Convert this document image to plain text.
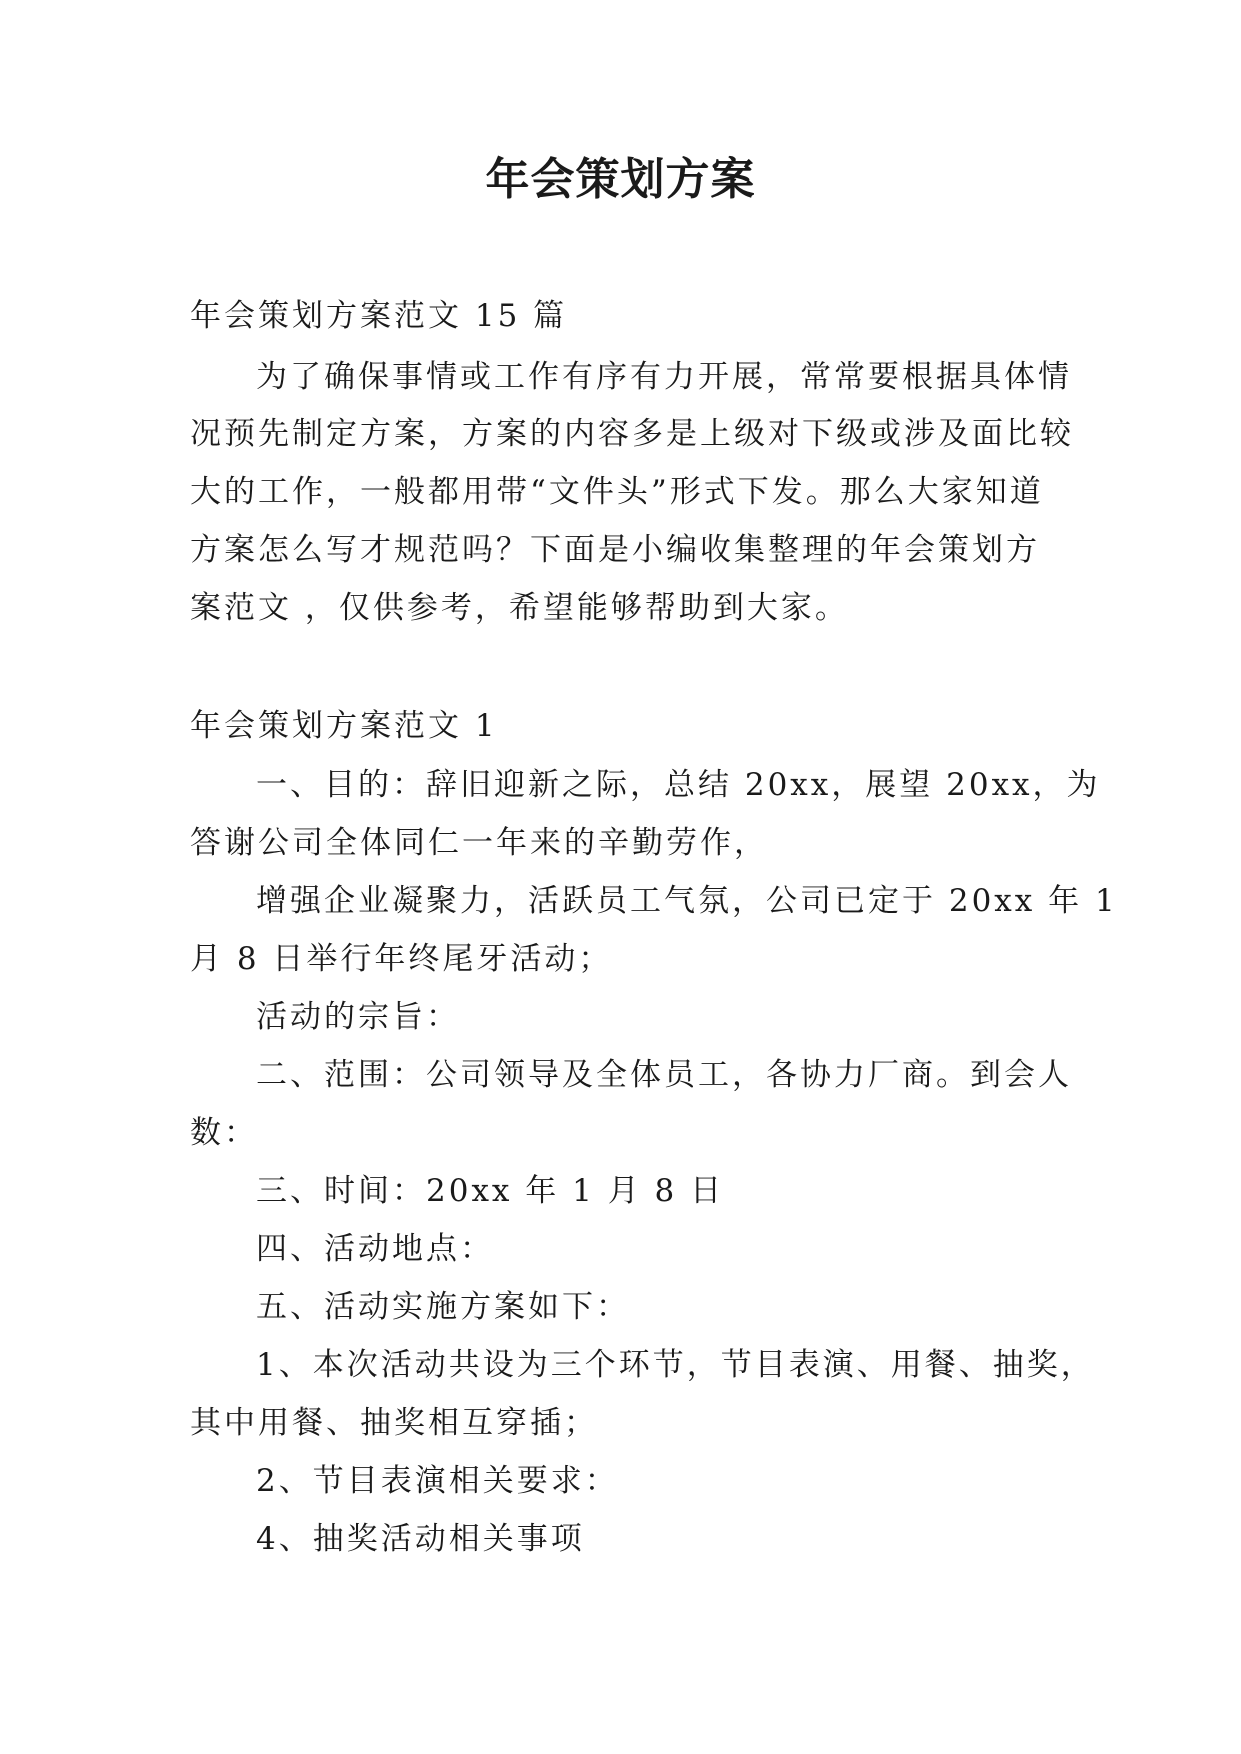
年会策划方案
年会策划方案范文 15 篇
为了确保事情或工作有序有力开展，常常要根据具体情
况预先制定方案，方案的内容多是上级对下级或涉及面比较
大的工作，一般都用带“文件头”形式下发。那么大家知道
方案怎么写才规范吗？下面是小编收集整理的年会策划方
案范文 ，仅供参考，希望能够帮助到大家。
年会策划方案范文 1
一、目的：辞旧迎新之际，总结 20xx，展望 20xx，为
答谢公司全体同仁一年来的辛勤劳作，
增强企业凝聚力，活跃员工气氛，公司已定于 20xx 年 1
月 8 日举行年终尾牙活动；
活动的宗旨：
二、范围：公司领导及全体员工，各协力厂商。到会人
数：
三、时间：20xx 年 1 月 8 日
四、活动地点：
五、活动实施方案如下：
1、本次活动共设为三个环节，节目表演、用餐、抽奖，
其中用餐、抽奖相互穿插；
2、节目表演相关要求：
4、抽奖活动相关事项
